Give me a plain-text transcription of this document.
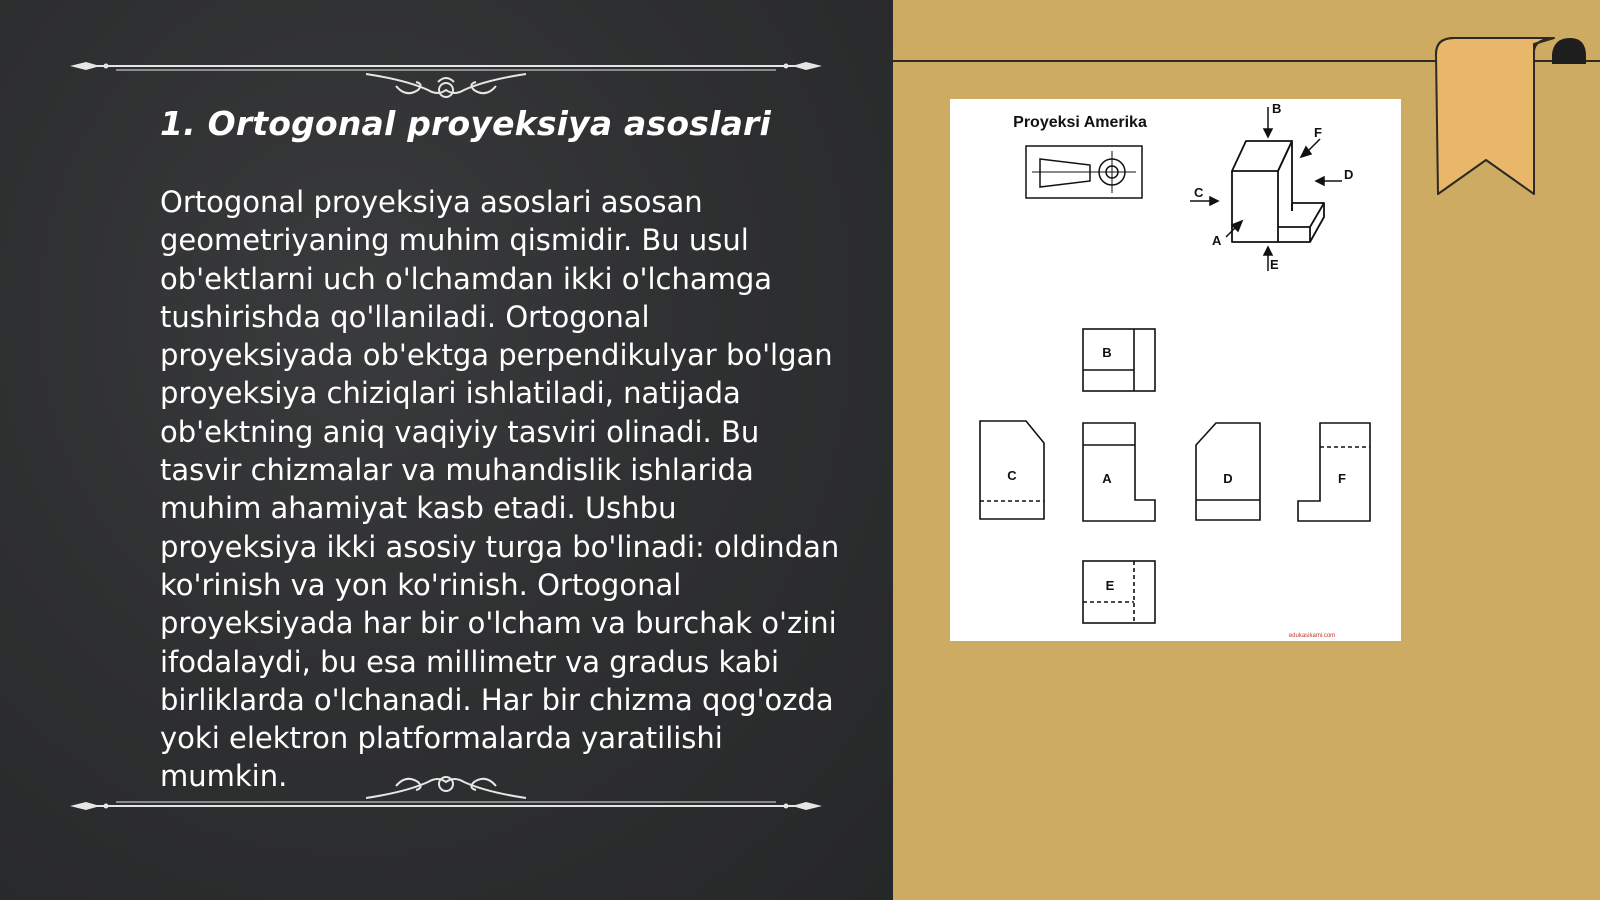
1. Ortogonal proyeksiya asoslari

Ortogonal proyeksiya asoslari asosan geometriyaning muhim qismidir. Bu usul ob'ektlarni uch o'lchamdan ikki o'lchamga tushirishda qo'llaniladi. Ortogonal proyeksiyada ob'ektga perpendikulyar bo'lgan proyeksiya chiziqlari ishlatiladi, natijada ob'ektning aniq vaqiyiy tasviri olinadi. Bu tasvir chizmalar va muhandislik ishlarida muhim ahamiyat kasb etadi. Ushbu proyeksiya ikki asosiy turga bo'linadi: oldindan ko'rinish va yon ko'rinish. Ortogonal proyeksiyada har bir o'lcham va burchak o'zini ifodalaydi, bu esa millimetr va gradus kabi birliklarda o'lchanadi. Har bir chizma qog'ozda yoki elektron platformalarda yaratilishi mumkin.

Proyeksi Amerika
B
F
D
C
A
E
B
C	A	D	F
E
edukasikami.com
